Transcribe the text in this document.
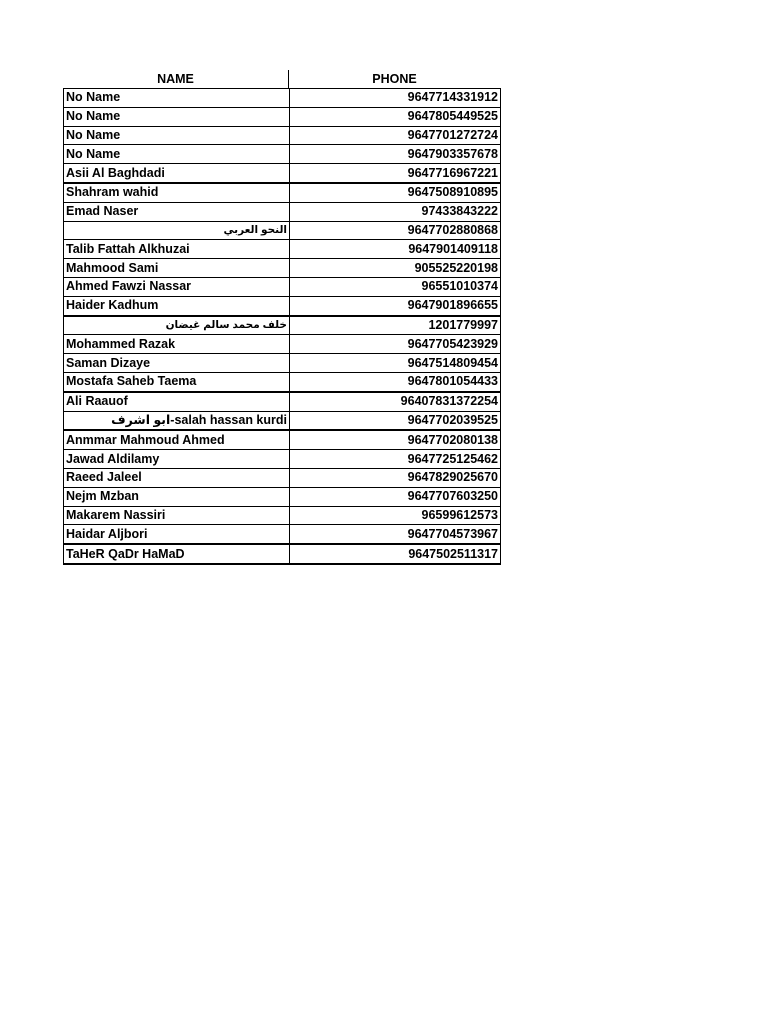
NAME	PHONE
No Name	9647714331912
No Name	9647805449525
No Name	9647701272724
No Name	9647903357678
Asii Al Baghdadi	9647716967221
Shahram wahid	9647508910895
Emad Naser	97433843222
النحو العربي	9647702880868
Talib Fattah Alkhuzai	9647901409118
Mahmood Sami	905525220198
Ahmed Fawzi Nassar	96551010374
Haider Kadhum	9647901896655
خلف محمد سالم غيضان	1201779997
Mohammed Razak	9647705423929
Saman Dizaye	9647514809454
Mostafa Saheb Taema	9647801054433
Ali Raauof	96407831372254
ابو اشرف-salah hassan kurdi	9647702039525
Anmmar Mahmoud Ahmed	9647702080138
Jawad Aldilamy	9647725125462
Raeed Jaleel	9647829025670
Nejm Mzban	9647707603250
Makarem Nassiri	96599612573
Haidar Aljbori	9647704573967
TaHeR QaDr HaMaD	9647502511317
